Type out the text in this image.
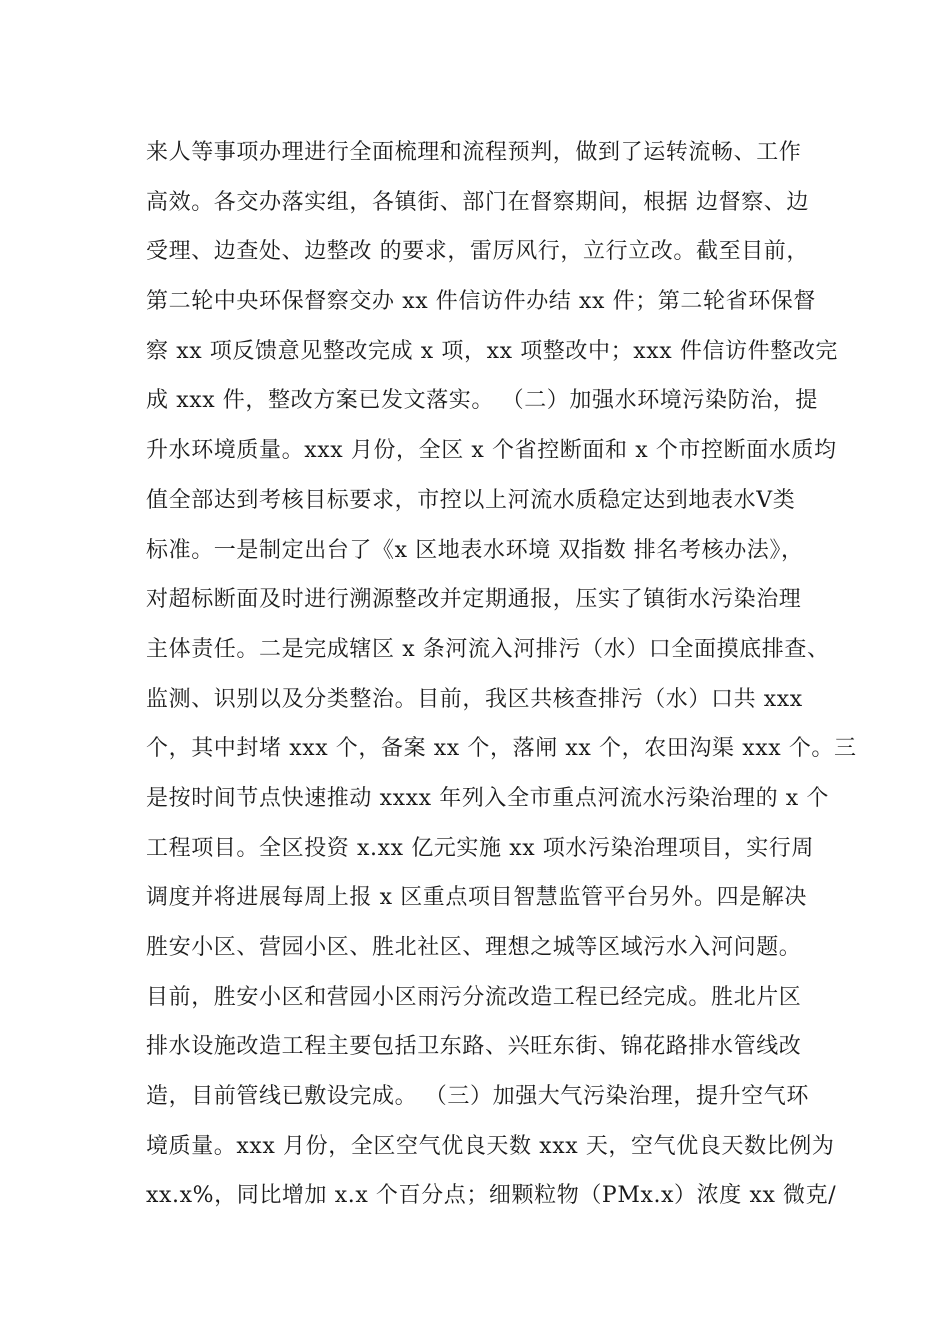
来人等事项办理进行全面梳理和流程预判，做到了运转流畅、工作
高效。各交办落实组，各镇街、部门在督察期间，根据 边督察、边
受理、边查处、边整改 的要求，雷厉风行，立行立改。截至目前，
第二轮中央环保督察交办 xx 件信访件办结 xx 件；第二轮省环保督
察 xx 项反馈意见整改完成 x 项，xx 项整改中；xxx 件信访件整改完
成 xxx 件，整改方案已发文落实。 （二）加强水环境污染防治，提
升水环境质量。xxx 月份，全区 x 个省控断面和 x 个市控断面水质均
值全部达到考核目标要求，市控以上河流水质稳定达到地表水Ⅴ类
标准。一是制定出台了《x 区地表水环境 双指数 排名考核办法》，
对超标断面及时进行溯源整改并定期通报，压实了镇街水污染治理
主体责任。二是完成辖区 x 条河流入河排污（水）口全面摸底排查、
监测、识别以及分类整治。目前，我区共核查排污（水）口共 xxx
个，其中封堵 xxx 个，备案 xx 个，落闸 xx 个，农田沟渠 xxx 个。三
是按时间节点快速推动 xxxx 年列入全市重点河流水污染治理的 x 个
工程项目。全区投资 x.xx 亿元实施 xx 项水污染治理项目，实行周
调度并将进展每周上报 x 区重点项目智慧监管平台另外。四是解决
胜安小区、营园小区、胜北社区、理想之城等区域污水入河问题。
目前，胜安小区和营园小区雨污分流改造工程已经完成。胜北片区
排水设施改造工程主要包括卫东路、兴旺东街、锦花路排水管线改
造，目前管线已敷设完成。 （三）加强大气污染治理，提升空气环
境质量。xxx 月份，全区空气优良天数 xxx 天，空气优良天数比例为
xx.x%，同比增加 x.x 个百分点；细颗粒物（PMx.x）浓度 xx 微克/
